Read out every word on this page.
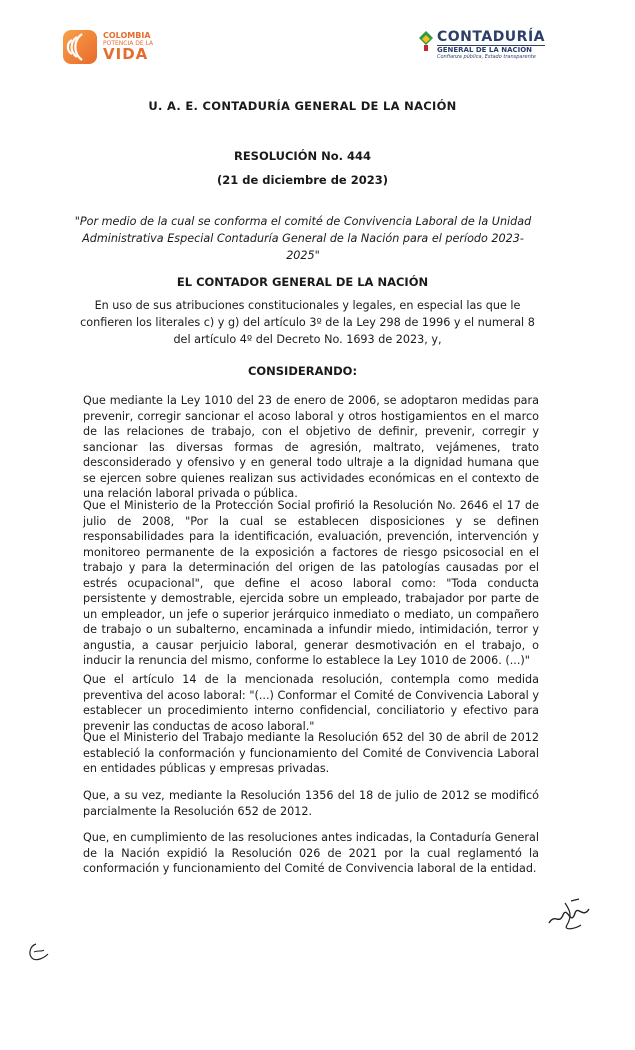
COLOMBIA
POTENCIA DE LA
VIDA
CONTADURÍA
GENERAL DE LA NACIÓN
Confianza pública, Estado transparente
U. A. E. CONTADURÍA GENERAL DE LA NACIÓN
RESOLUCIÓN No. 444
(21 de diciembre de 2023)
"Por medio de la cual se conforma el comité de Convivencia Laboral de la Unidad Administrativa Especial Contaduría General de la Nación para el período 2023-2025"
EL CONTADOR GENERAL DE LA NACIÓN
En uso de sus atribuciones constitucionales y legales, en especial las que le confieren los literales c) y g) del artículo 3º de la Ley 298 de 1996 y el numeral 8 del artículo 4º del Decreto No. 1693 de 2023, y,
CONSIDERANDO:
Que mediante la Ley 1010 del 23 de enero de 2006, se adoptaron medidas para prevenir, corregir sancionar el acoso laboral y otros hostigamientos en el marco de las relaciones de trabajo, con el objetivo de definir, prevenir, corregir y sancionar las diversas formas de agresión, maltrato, vejámenes, trato desconsiderado y ofensivo y en general todo ultraje a la dignidad humana que se ejercen sobre quienes realizan sus actividades económicas en el contexto de una relación laboral privada o pública.
Que el Ministerio de la Protección Social profirió la Resolución No. 2646 el 17 de julio de 2008, "Por la cual se establecen disposiciones y se definen responsabilidades para la identificación, evaluación, prevención, intervención y monitoreo permanente de la exposición a factores de riesgo psicosocial en el trabajo y para la determinación del origen de las patologías causadas por el estrés ocupacional", que define el acoso laboral como: "Toda conducta persistente y demostrable, ejercida sobre un empleado, trabajador por parte de un empleador, un jefe o superior jerárquico inmediato o mediato, un compañero de trabajo o un subalterno, encaminada a infundir miedo, intimidación, terror y angustia, a causar perjuicio laboral, generar desmotivación en el trabajo, o inducir la renuncia del mismo, conforme lo establece la Ley 1010 de 2006. (...)"
Que el artículo 14 de la mencionada resolución, contempla como medida preventiva del acoso laboral: "(...) Conformar el Comité de Convivencia Laboral y establecer un procedimiento interno confidencial, conciliatorio y efectivo para prevenir las conductas de acoso laboral."
Que el Ministerio del Trabajo mediante la Resolución 652 del 30 de abril de 2012 estableció la conformación y funcionamiento del Comité de Convivencia Laboral en entidades públicas y empresas privadas.
Que, a su vez, mediante la Resolución 1356 del 18 de julio de 2012 se modificó parcialmente la Resolución 652 de 2012.
Que, en cumplimiento de las resoluciones antes indicadas, la Contaduría General de la Nación expidió la Resolución 026 de 2021 por la cual reglamentó la conformación y funcionamiento del Comité de Convivencia laboral de la entidad.
